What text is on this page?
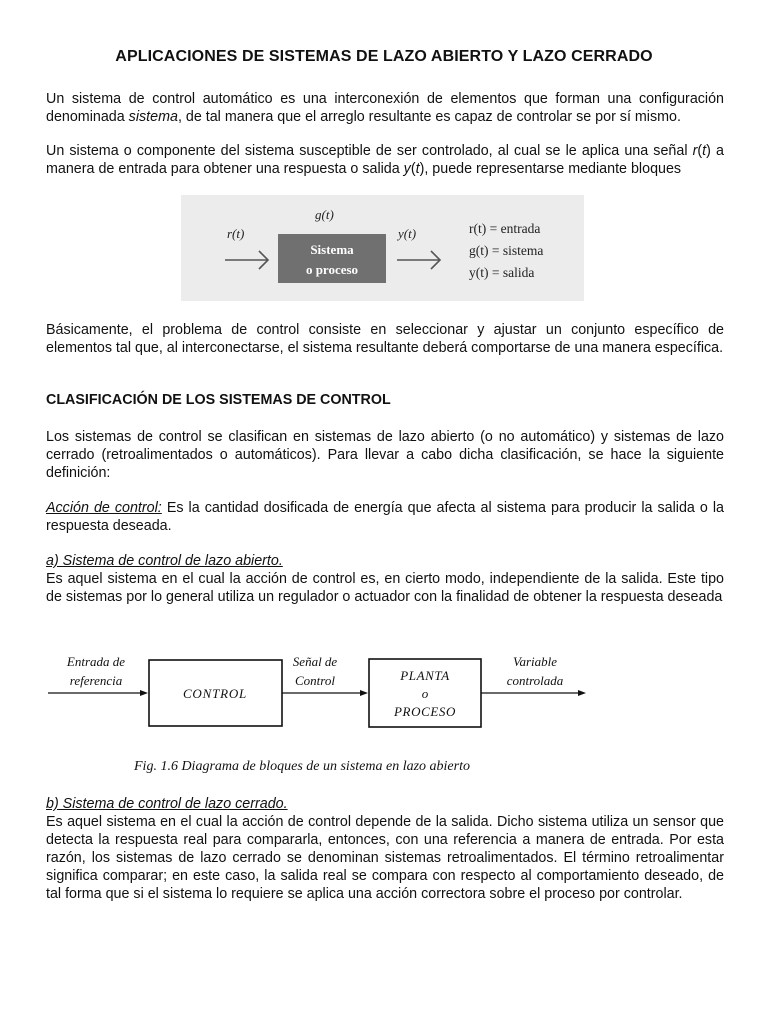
APLICACIONES DE SISTEMAS DE LAZO ABIERTO Y LAZO CERRADO

Un sistema de control automático es una interconexión de elementos que forman una configuración denominada sistema, de tal manera que el arreglo resultante es capaz de controlar se por sí mismo.

Un sistema o componente del sistema susceptible de ser controlado, al cual se le aplica una señal r(t) a manera de entrada para obtener una respuesta o salida y(t), puede representarse mediante bloques

g(t)
r(t)	y(t)
Sistema
o proceso
r(t) = entrada
g(t) = sistema
y(t) = salida

Básicamente, el problema de control consiste en seleccionar y ajustar un conjunto específico de elementos tal que, al interconectarse, el sistema resultante deberá comportarse de una manera específica.

CLASIFICACIÓN DE LOS SISTEMAS DE CONTROL

Los sistemas de control se clasifican en sistemas de lazo abierto (o no automático) y sistemas de lazo cerrado (retroalimentados o automáticos). Para llevar a cabo dicha clasificación, se hace la siguiente definición:

Acción de control: Es la cantidad dosificada de energía que afecta al sistema para producir la salida o la respuesta deseada.

a) Sistema de control de lazo abierto.
Es aquel sistema en el cual la acción de control es, en cierto modo, independiente de la salida. Este tipo de sistemas por lo general utiliza un regulador o actuador con la finalidad de obtener la respuesta deseada

Entrada de
referencia
CONTROL
Señal de
Control	PLANTA
o
PROCESO
Variable
controlada
Fig. 1.6 Diagrama de bloques de un sistema en lazo abierto

b) Sistema de control de lazo cerrado.
Es aquel sistema en el cual la acción de control depende de la salida. Dicho sistema utiliza un sensor que detecta la respuesta real para compararla, entonces, con una referencia a manera de entrada. Por esta razón, los sistemas de lazo cerrado se denominan sistemas retroalimentados. El término retroalimentar significa comparar; en este caso, la salida real se compara con respecto al comportamiento deseado, de tal forma que si el sistema lo requiere se aplica una acción correctora sobre el proceso por controlar.
